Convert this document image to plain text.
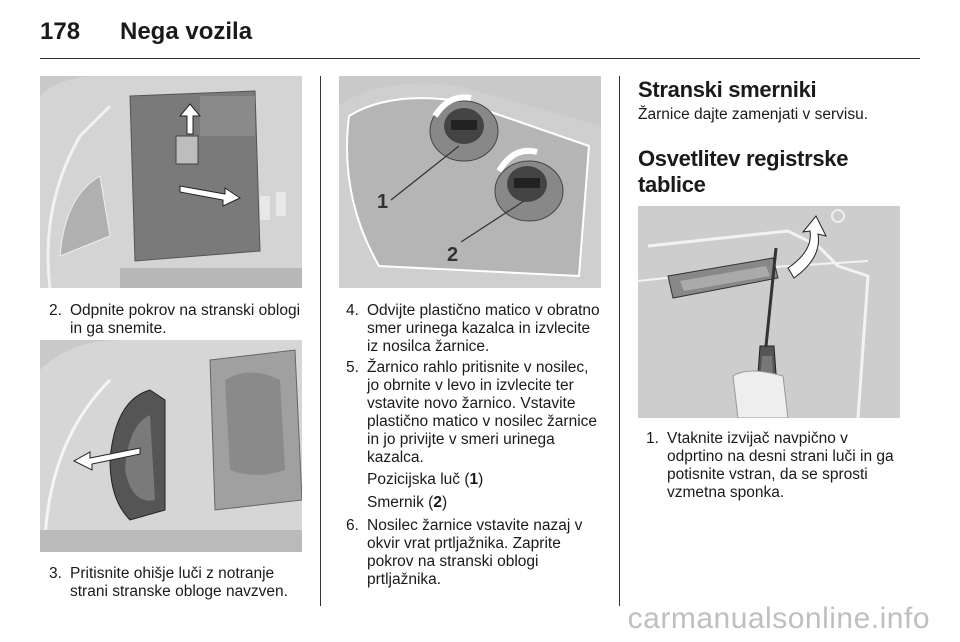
178 Nega vozila
2. Odpnite pokrov na stranski oblogi in ga snemite.
3. Pritisnite ohišje luči z notranje strani stranske obloge navzven.
1
2
4. Odvijte plastično matico v obratno smer urinega kazalca in izvlecite iz nosilca žarnice.
5. Žarnico rahlo pritisnite v nosilec, jo obrnite v levo in izvlecite ter vstavite novo žarnico. Vstavite plastično matico v nosilec žarnice in jo privijte v smeri urinega kazalca.
Pozicijska luč (1)
Smernik (2)
6. Nosilec žarnice vstavite nazaj v okvir vrat prtljažnika. Zaprite pokrov na stranski oblogi prtljažnika.
Stranski smerniki
Žarnice dajte zamenjati v servisu.
Osvetlitev registrske
tablice
1. Vtaknite izvijač navpično v odprtino na desni strani luči in ga potisnite vstran, da se sprosti vzmetna sponka.
carmanualsonline.info
